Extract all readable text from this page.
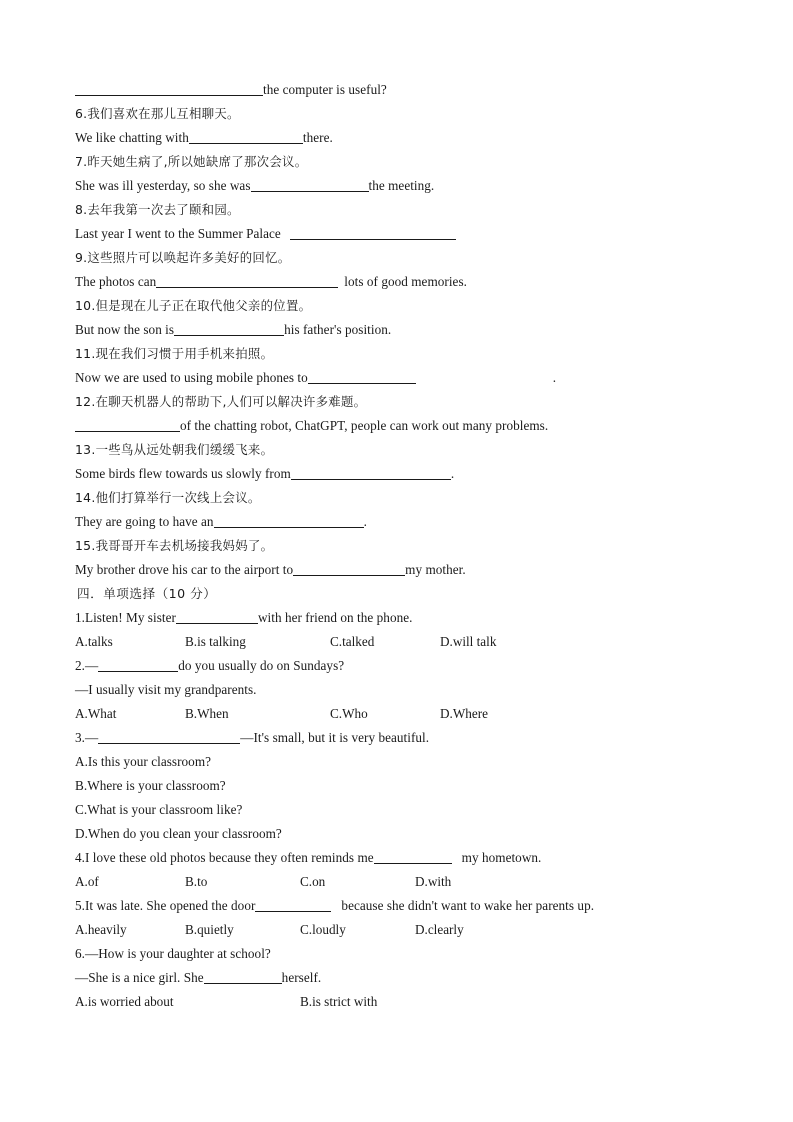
the computer is useful?
6.我们喜欢在那儿互相聊天。
We like chatting with	there.
7.昨天她生病了,所以她缺席了那次会议。
She was ill yesterday, so she was	the meeting.
8.去年我第一次去了颐和园。
Last year I went to the Summer Palace
9.这些照片可以唤起许多美好的回忆。
The photos can	lots of good memories.
10.但是现在儿子正在取代他父亲的位置。
But now the son is	his father's position.
11.现在我们习惯于用手机来拍照。
Now we are used to using mobile phones to	.
12.在聊天机器人的帮助下,人们可以解决许多难题。
of the chatting robot, ChatGPT, people can work out many problems.
13.一些鸟从远处朝我们缓缓飞来。
Some birds flew towards us slowly from	.
14.他们打算举行一次线上会议。
They are going to have an	.
15.我哥哥开车去机场接我妈妈了。
My brother drove his car to the airport to	my mother.
四．单项选择（10 分）
1.Listen! My sister	with her friend on the phone.
A.talks	B.is talking	C.talked	D.will talk
2.—	do you usually do on Sundays?
—I usually visit my grandparents.
A.What	B.When	C.Who	D.Where
3.—	—It's small, but it is very beautiful.
A.Is this your classroom?
B.Where is your classroom?
C.What is your classroom like?
D.When do you clean your classroom?
4.I love these old photos because they often reminds me	my hometown.
A.of	B.to	C.on	D.with
5.It was late. She opened the door	because she didn't want to wake her parents up.
A.heavily	B.quietly	C.loudly	D.clearly
6.—How is your daughter at school?
—She is a nice girl. She	herself.
A.is worried about	B.is strict with
